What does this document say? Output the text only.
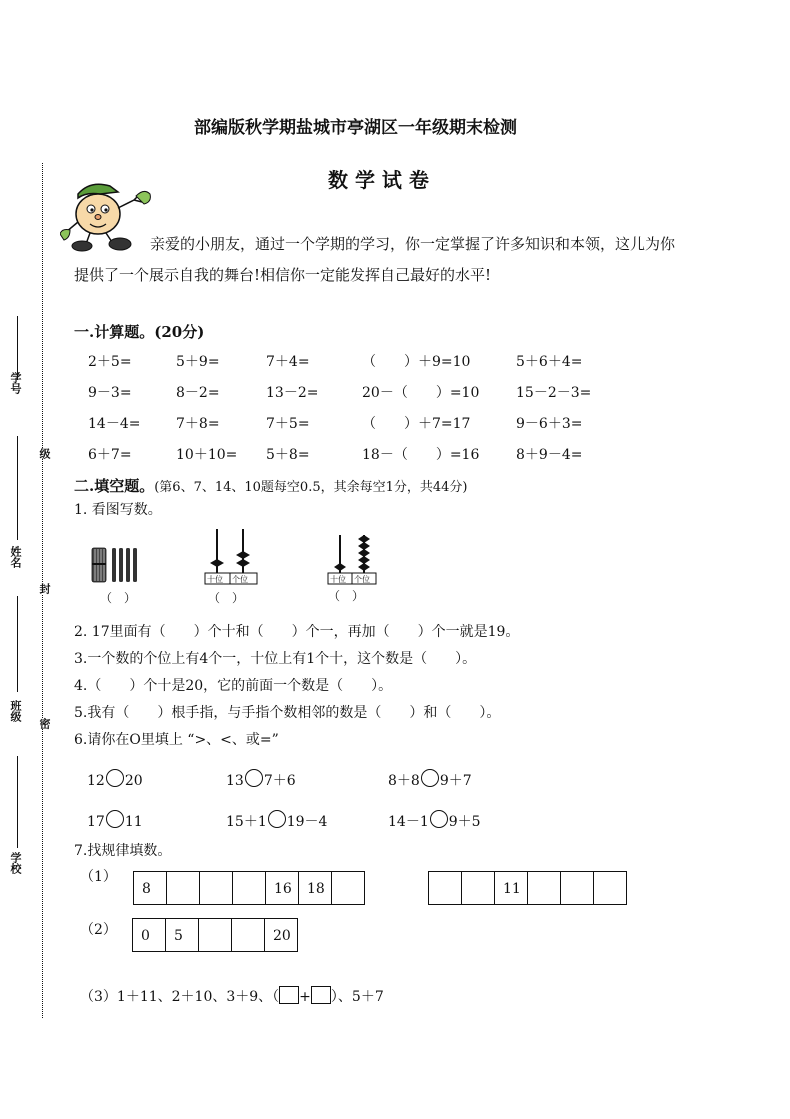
部编版秋学期盐城市亭湖区一年级期末检测
数 学 试 卷
亲爱的小朋友，通过一个学期的学习，你一定掌握了许多知识和本领，这儿为你
提供了一个展示自我的舞台!相信你一定能发挥自己最好的水平!
学号
级
姓名
封
班级
密
学校
一.计算题。(20分)
2＋5=	5＋9=	7＋4=	（　　）＋9=10	5＋6＋4=
9－3=	8－2=	13－2=	20－（　　）=10	15－2－3=
14－4=	7＋8=	7＋5=	（　　）＋7=17	9－6＋3=
6＋7=	10＋10= 5＋8=	18－（　　）=16	8＋9－4=
二.填空题。(第6、7、14、10题每空0.5，其余每空1分，共44分)
1. 看图写数。
（　）
十位 个位
（　）
十位 个位
（　）
2. 17里面有（　　）个十和（　　）个一，再加（　　）个一就是19。
3.一个数的个位上有4个一，十位上有1个十，这个数是（　　）。
4.（　　）个十是20，它的前面一个数是（　　）。
5.我有（　　）根手指，与手指个数相邻的数是（　　）和（　　）。
6.请你在O里填上 “>、<、或=”
12 20	13 7＋6	8＋8 9＋7
17 11	15＋1 19－4	14－1 9＋5
7.找规律填数。
（1）
8	16	18	11
（2）	0	5	20
（3）1＋11、2＋10、3＋9、（ + ）、5＋7
